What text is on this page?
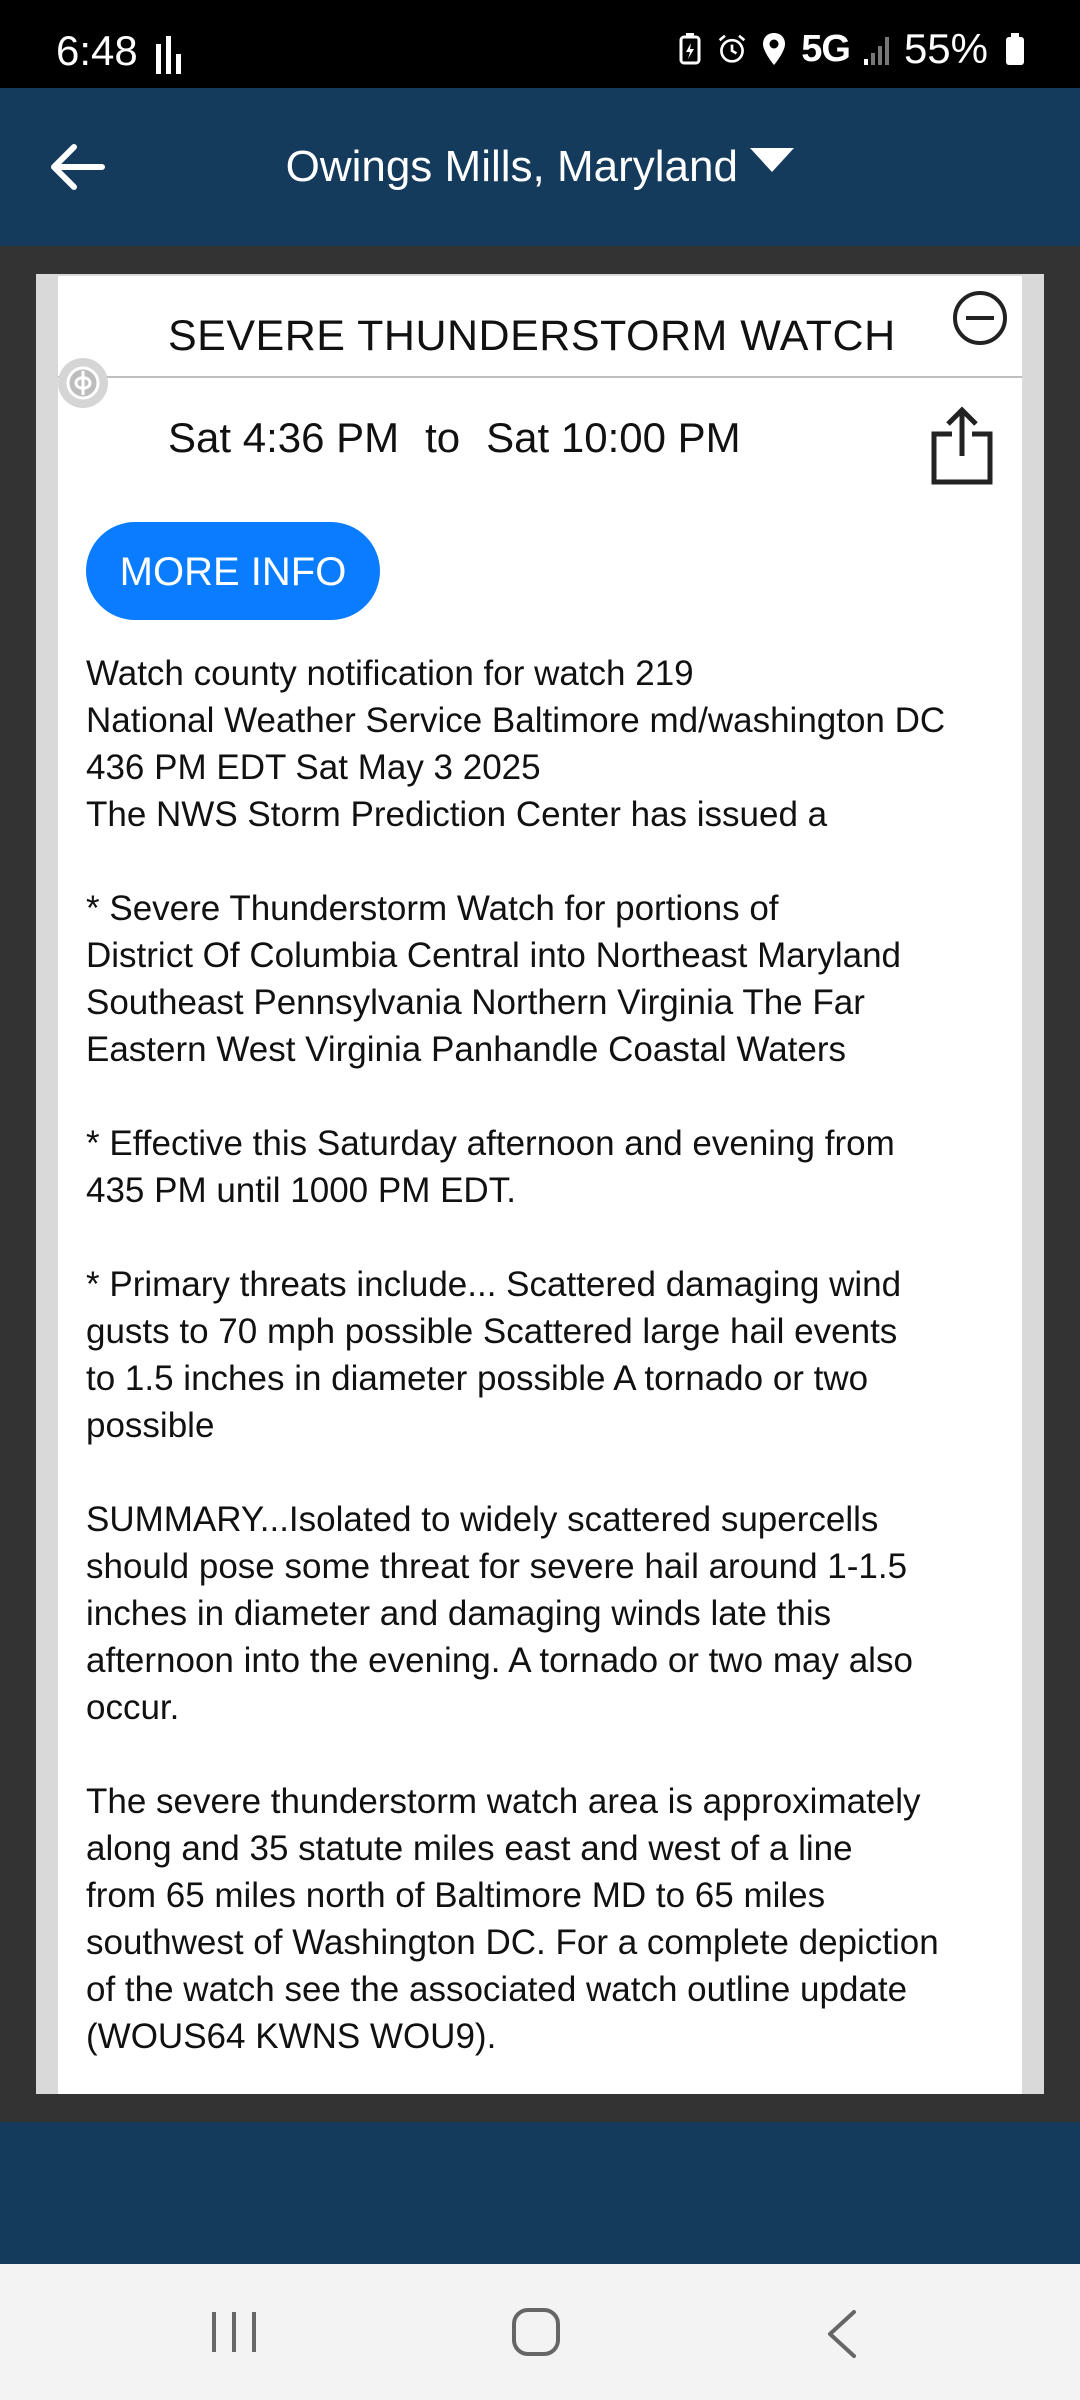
6:48	5G 55%
Owings Mills, Maryland
SEVERE THUNDERSTORM WATCH
Sat 4:36 PM to Sat 10:00 PM
MORE INFO

Watch county notification for watch 219
National Weather Service Baltimore md/washington DC
436 PM EDT Sat May 3 2025
The NWS Storm Prediction Center has issued a

* Severe Thunderstorm Watch for portions of
District Of Columbia Central into Northeast Maryland
Southeast Pennsylvania Northern Virginia The Far
Eastern West Virginia Panhandle Coastal Waters

* Effective this Saturday afternoon and evening from
435 PM until 1000 PM EDT.

* Primary threats include... Scattered damaging wind
gusts to 70 mph possible Scattered large hail events
to 1.5 inches in diameter possible A tornado or two
possible

SUMMARY...Isolated to widely scattered supercells
should pose some threat for severe hail around 1-1.5
inches in diameter and damaging winds late this
afternoon into the evening. A tornado or two may also
occur.

The severe thunderstorm watch area is approximately
along and 35 statute miles east and west of a line
from 65 miles north of Baltimore MD to 65 miles
southwest of Washington DC. For a complete depiction
of the watch see the associated watch outline update
(WOUS64 KWNS WOU9).
